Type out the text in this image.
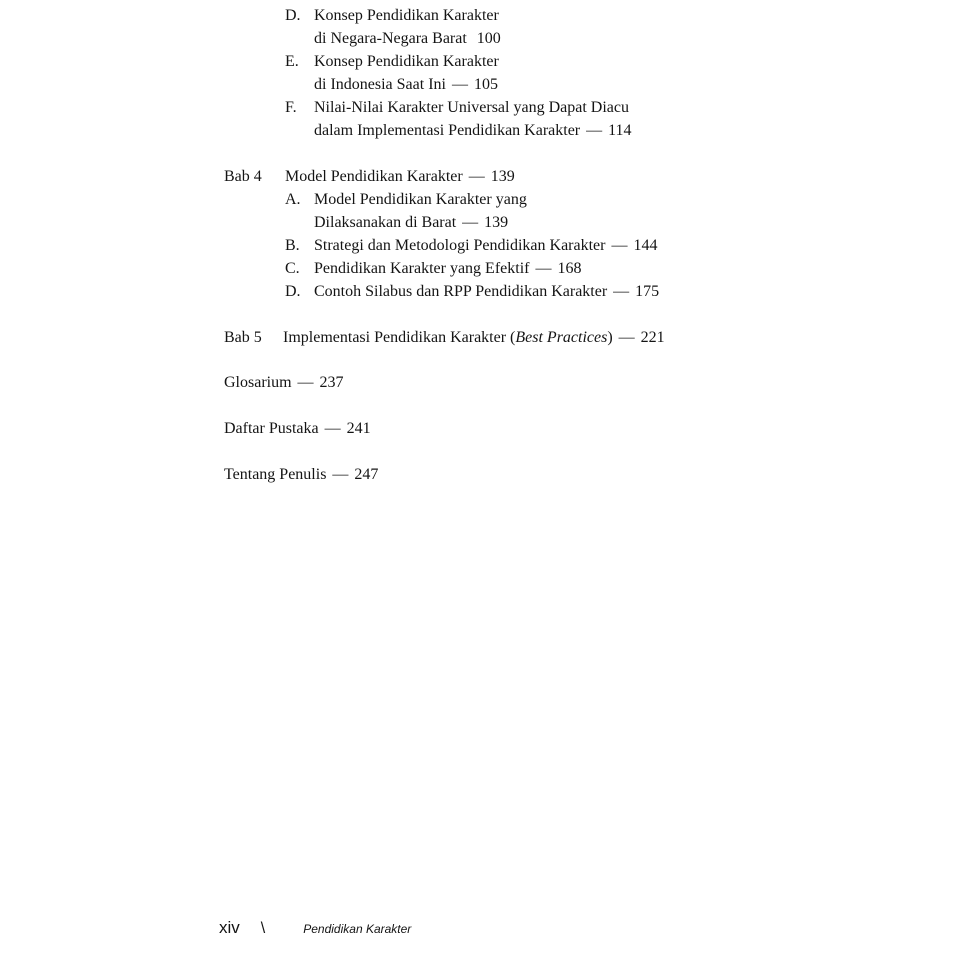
D. Konsep Pendidikan Karakter
di Negara-Negara Barat 100
E. Konsep Pendidikan Karakter
di Indonesia Saat Ini — 105
F. Nilai-Nilai Karakter Universal yang Dapat Diacu
dalam Implementasi Pendidikan Karakter — 114
Bab 4 Model Pendidikan Karakter — 139
A. Model Pendidikan Karakter yang
Dilaksanakan di Barat — 139
B. Strategi dan Metodologi Pendidikan Karakter — 144
C. Pendidikan Karakter yang Efektif — 168
D. Contoh Silabus dan RPP Pendidikan Karakter — 175
Bab 5 Implementasi Pendidikan Karakter (Best Practices) — 221
Glosarium — 237
Daftar Pustaka — 241
Tentang Penulis — 247
xiv \	Pendidikan Karakter
